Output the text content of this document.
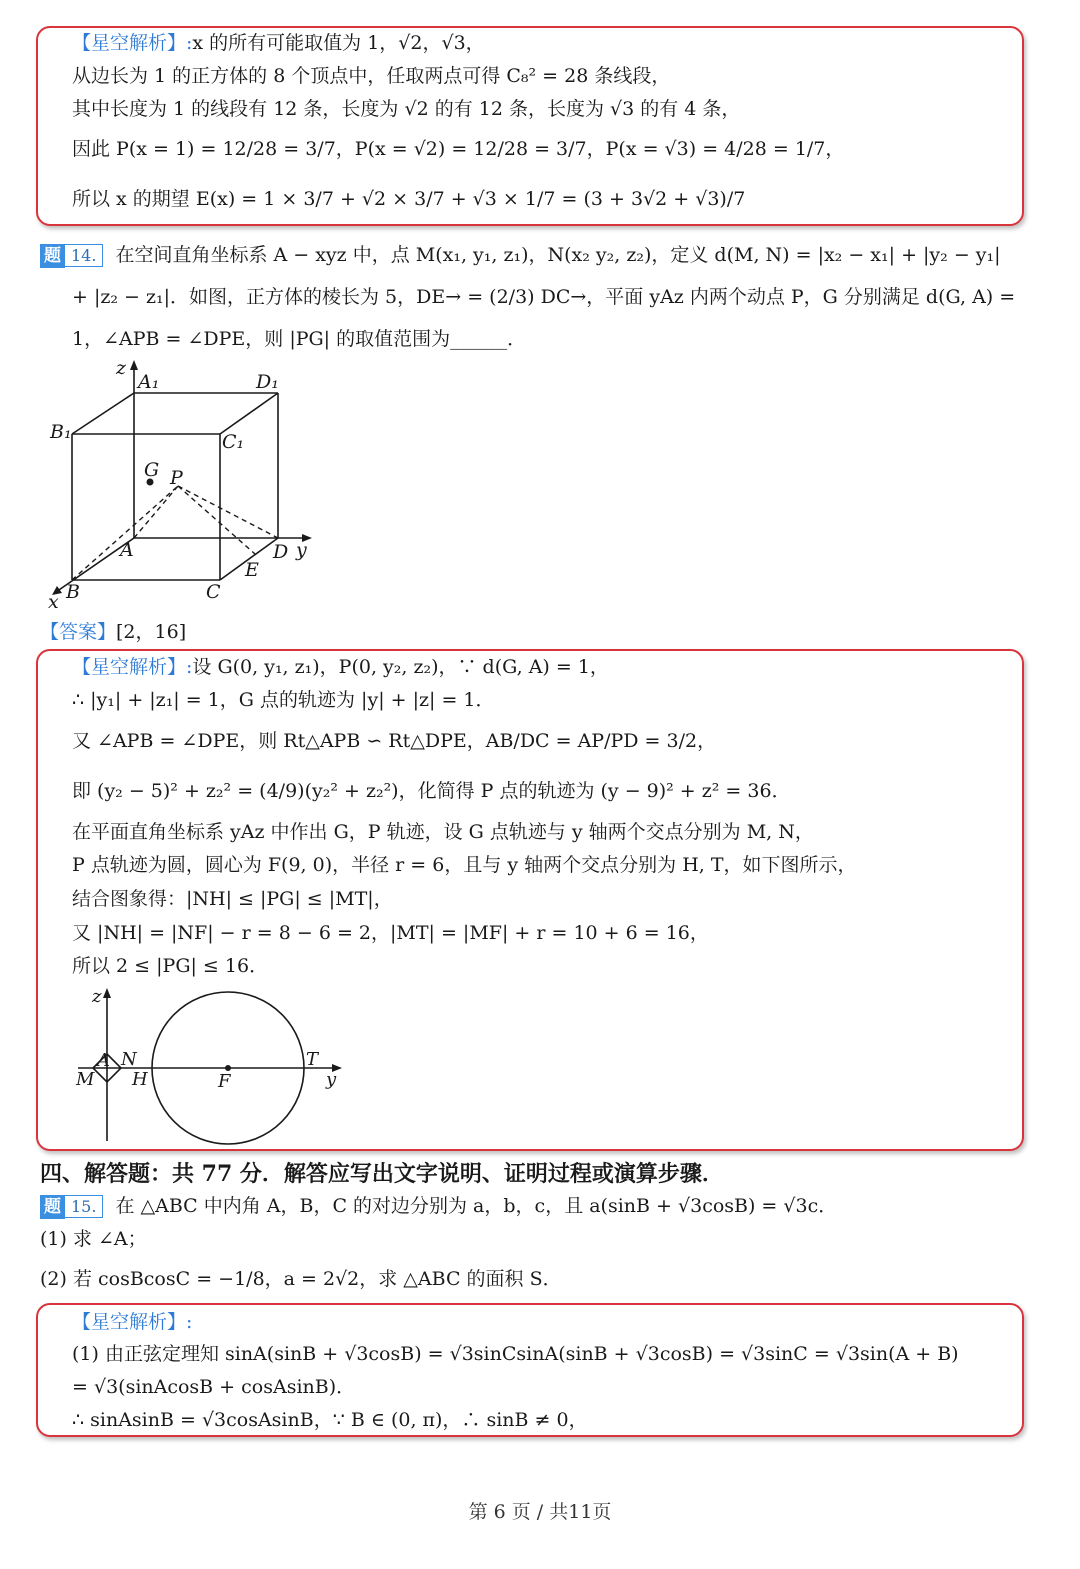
【星空解析】:x 的所有可能取值为 1，√2，√3，
从边长为 1 的正方体的 8 个顶点中，任取两点可得 C₈² = 28 条线段，
其中长度为 1 的线段有 12 条，长度为 √2 的有 12 条，长度为 √3 的有 4 条，
因此 P(x = 1) = 12/28 = 3/7，P(x = √2) = 12/28 = 3/7，P(x = √3) = 4/28 = 1/7，
所以 x 的期望 E(x) = 1 × 3/7 + √2 × 3/7 + √3 × 1/7 = (3 + 3√2 + √3)/7
题 14. 在空间直角坐标系 A − xyz 中，点 M(x₁, y₁, z₁)，N(x₂ y₂, z₂)，定义 d(M, N) = |x₂ − x₁| + |y₂ − y₁|
+ |z₂ − z₁|．如图，正方体的棱长为 5，DE→ = (2/3) DC→，平面 yAz 内两个动点 P，G 分别满足 d(G, A) =
1，∠APB = ∠DPE，则 |PG| 的取值范围为______．
z
A₁	D₁
B₁	C₁
G P
A	D y
E
B	C
x
【答案】[2，16]
【星空解析】:设 G(0, y₁, z₁)，P(0, y₂, z₂)，∵ d(G, A) = 1，
∴ |y₁| + |z₁| = 1，G 点的轨迹为 |y| + |z| = 1．
又 ∠APB = ∠DPE，则 Rt△APB ∽ Rt△DPE，AB/DC = AP/PD = 3/2，
即 (y₂ − 5)² + z₂² = (4/9)(y₂² + z₂²)，化简得 P 点的轨迹为 (y − 9)² + z² = 36．
在平面直角坐标系 yAz 中作出 G，P 轨迹，设 G 点轨迹与 y 轴两个交点分别为 M, N，
P 点轨迹为圆，圆心为 F(9, 0)，半径 r = 6，且与 y 轴两个交点分别为 H, T，如下图所示，
结合图象得：|NH| ≤ |PG| ≤ |MT|，
又 |NH| = |NF| − r = 8 − 6 = 2，|MT| = |MF| + r = 10 + 6 = 16，
所以 2 ≤ |PG| ≤ 16．
z
A N
M H	F
T
y
四、解答题：共 77 分．解答应写出文字说明、证明过程或演算步骤．
题 15. 在 △ABC 中内角 A，B，C 的对边分别为 a，b，c，且 a(sinB + √3cosB) = √3c．
(1) 求 ∠A；
(2) 若 cosBcosC = −1/8，a = 2√2，求 △ABC 的面积 S．
【星空解析】:
(1) 由正弦定理知 sinA(sinB + √3cosB) = √3sinCsinA(sinB + √3cosB) = √3sinC = √3sin(A + B)
= √3(sinAcosB + cosAsinB)．
∴ sinAsinB = √3cosAsinB，∵ B ∈ (0, π)，∴ sinB ≠ 0，
第 6 页 / 共11页
